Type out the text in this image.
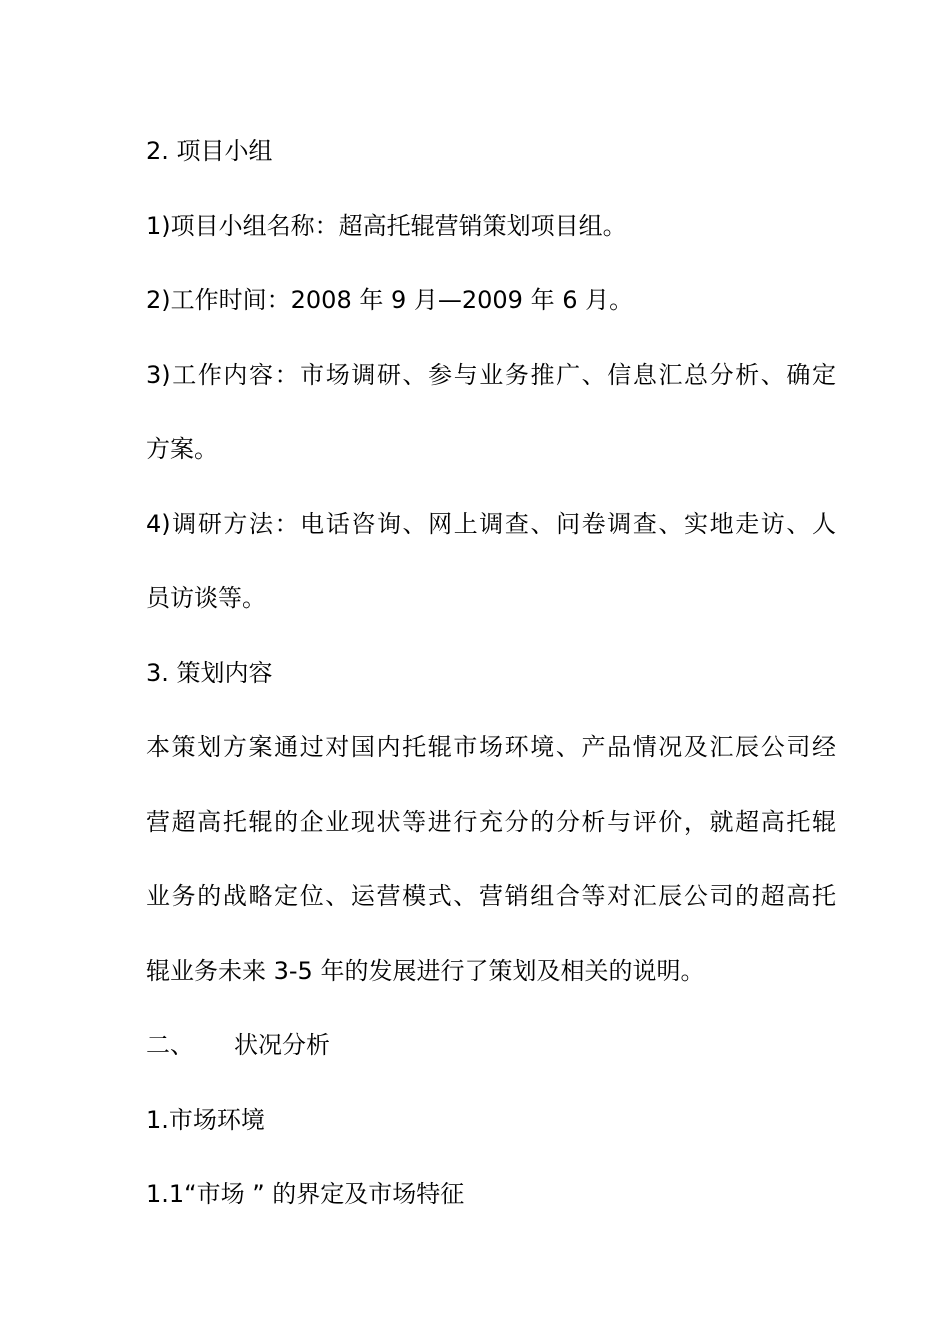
2. 项目小组
1)项目小组名称：超高托辊营销策划项目组。
2)工作时间：2008 年 9 月—2009 年 6 月。
3)工作内容：市场调研、参与业务推广、信息汇总分析、确定
方案。
4)调研方法：电话咨询、网上调查、问卷调查、实地走访、人
员访谈等。
3. 策划内容
本策划方案通过对国内托辊市场环境、产品情况及汇辰公司经
营超高托辊的企业现状等进行充分的分析与评价，就超高托辊
业务的战略定位、运营模式、营销组合等对汇辰公司的超高托
辊业务未来 3-5 年的发展进行了策划及相关的说明。
二、 状况分析
1.市场环境
1.1“市场 ” 的界定及市场特征
